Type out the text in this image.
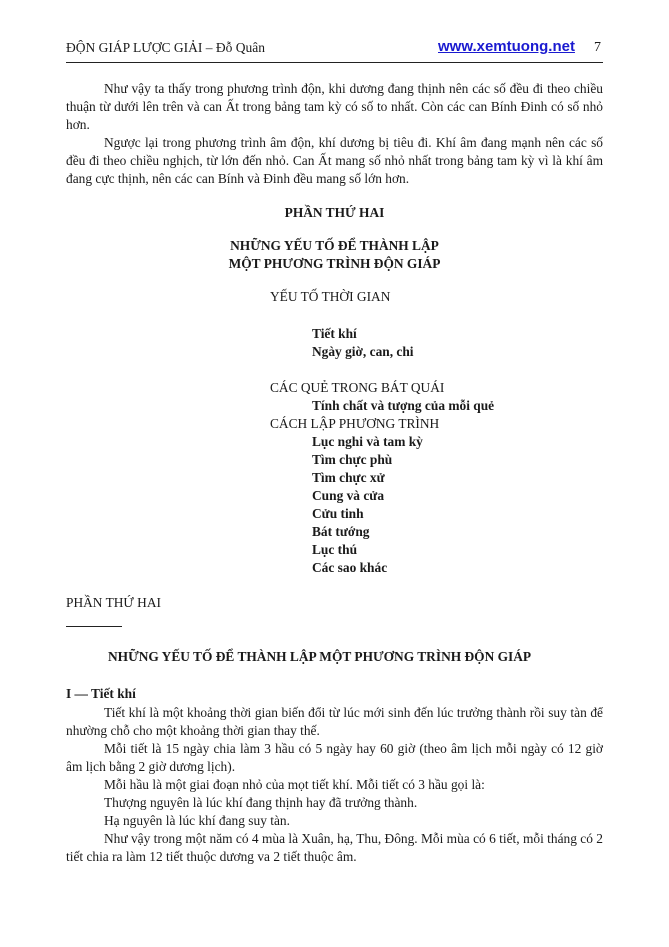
ĐỘN GIÁP LƯỢC GIẢI – Đỗ Quân	www.xemtuong.net 7

Như vậy ta thấy trong phương trình độn, khi dương đang thịnh nên các số đều đi theo chiều thuận từ dưới lên trên và can Ất trong bảng tam kỳ có số to nhất. Còn các can Bính Đinh có số nhỏ hơn.

Ngược lại trong phương trình âm độn, khí dương bị tiêu đi. Khí âm đang mạnh nên các số đều đi theo chiều nghịch, từ lớn đến nhỏ. Can Ất mang số nhỏ nhất trong bảng tam kỳ vì là khí âm đang cực thịnh, nên các can Bính và Đinh đều mang số lớn hơn.

PHẦN THỨ HAI
NHỮNG YẾU TỐ ĐỂ THÀNH LẬP
MỘT PHƯƠNG TRÌNH ĐỘN GIÁP
YẾU TỐ THỜI GIAN
Tiết khí
Ngày giờ, can, chi
CÁC QUẺ TRONG BÁT QUÁI
Tính chất và tượng của mỗi quẻ
CÁCH LẬP PHƯƠNG TRÌNH
Lục nghi và tam kỳ
Tìm chực phù
Tìm chực xử
Cung và cửa
Cửu tinh
Bát tướng
Lục thú
Các sao khác
PHẦN THỨ HAI
NHỮNG YẾU TỐ ĐỂ THÀNH LẬP MỘT PHƯƠNG TRÌNH ĐỘN GIÁP
I — Tiết khí

Tiết khí là một khoảng thời gian biến đổi từ lúc mới sinh đến lúc trưởng thành rồi suy tàn để nhường chỗ cho một khoảng thời gian thay thế.

Mỗi tiết là 15 ngày chia làm 3 hầu có 5 ngày hay 60 giờ (theo âm lịch mỗi ngày có 12 giờ âm lịch bằng 2 giờ dương lịch).

Mỗi hầu là một giai đoạn nhỏ của mọt tiết khí. Mỗi tiết có 3 hầu gọi là:

Thượng nguyên là lúc khí đang thịnh hay đã trưởng thành.

Hạ nguyên là lúc khí đang suy tàn.

Như vậy trong một năm có 4 mùa là Xuân, hạ, Thu, Đông. Mỗi mùa có 6 tiết, mỗi tháng có 2 tiết chia ra làm 12 tiết thuộc dương va 2 tiết thuộc âm.
